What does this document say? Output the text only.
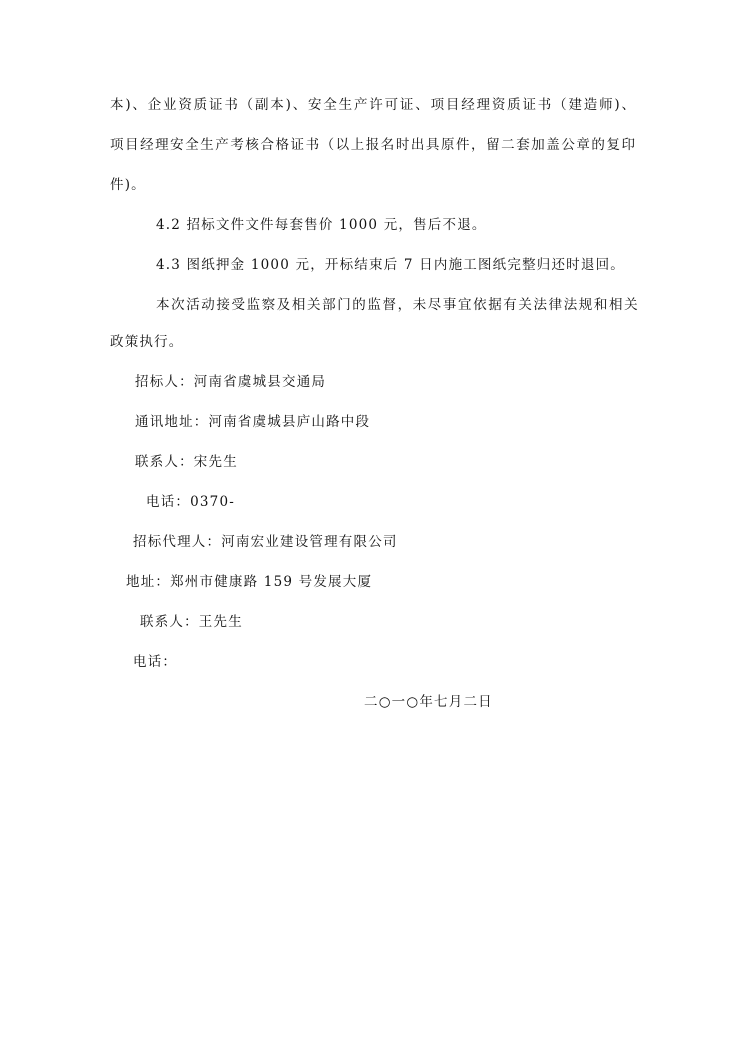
本)、企业资质证书（副本)、安全生产许可证、项目经理资质证书（建造师)、
项目经理安全生产考核合格证书（以上报名时出具原件，留二套加盖公章的复印
件)。
4.2 招标文件文件每套售价 1000 元，售后不退。
4.3 图纸押金 1000 元，开标结束后 7 日内施工图纸完整归还时退回。
本次活动接受监察及相关部门的监督，未尽事宜依据有关法律法规和相关
政策执行。
招标人：河南省虞城县交通局
通讯地址：河南省虞城县庐山路中段
联系人：宋先生
电话：0370-
招标代理人：河南宏业建设管理有限公司
地址：郑州市健康路 159 号发展大厦
联系人：王先生
电话：
二○一○年七月二日
